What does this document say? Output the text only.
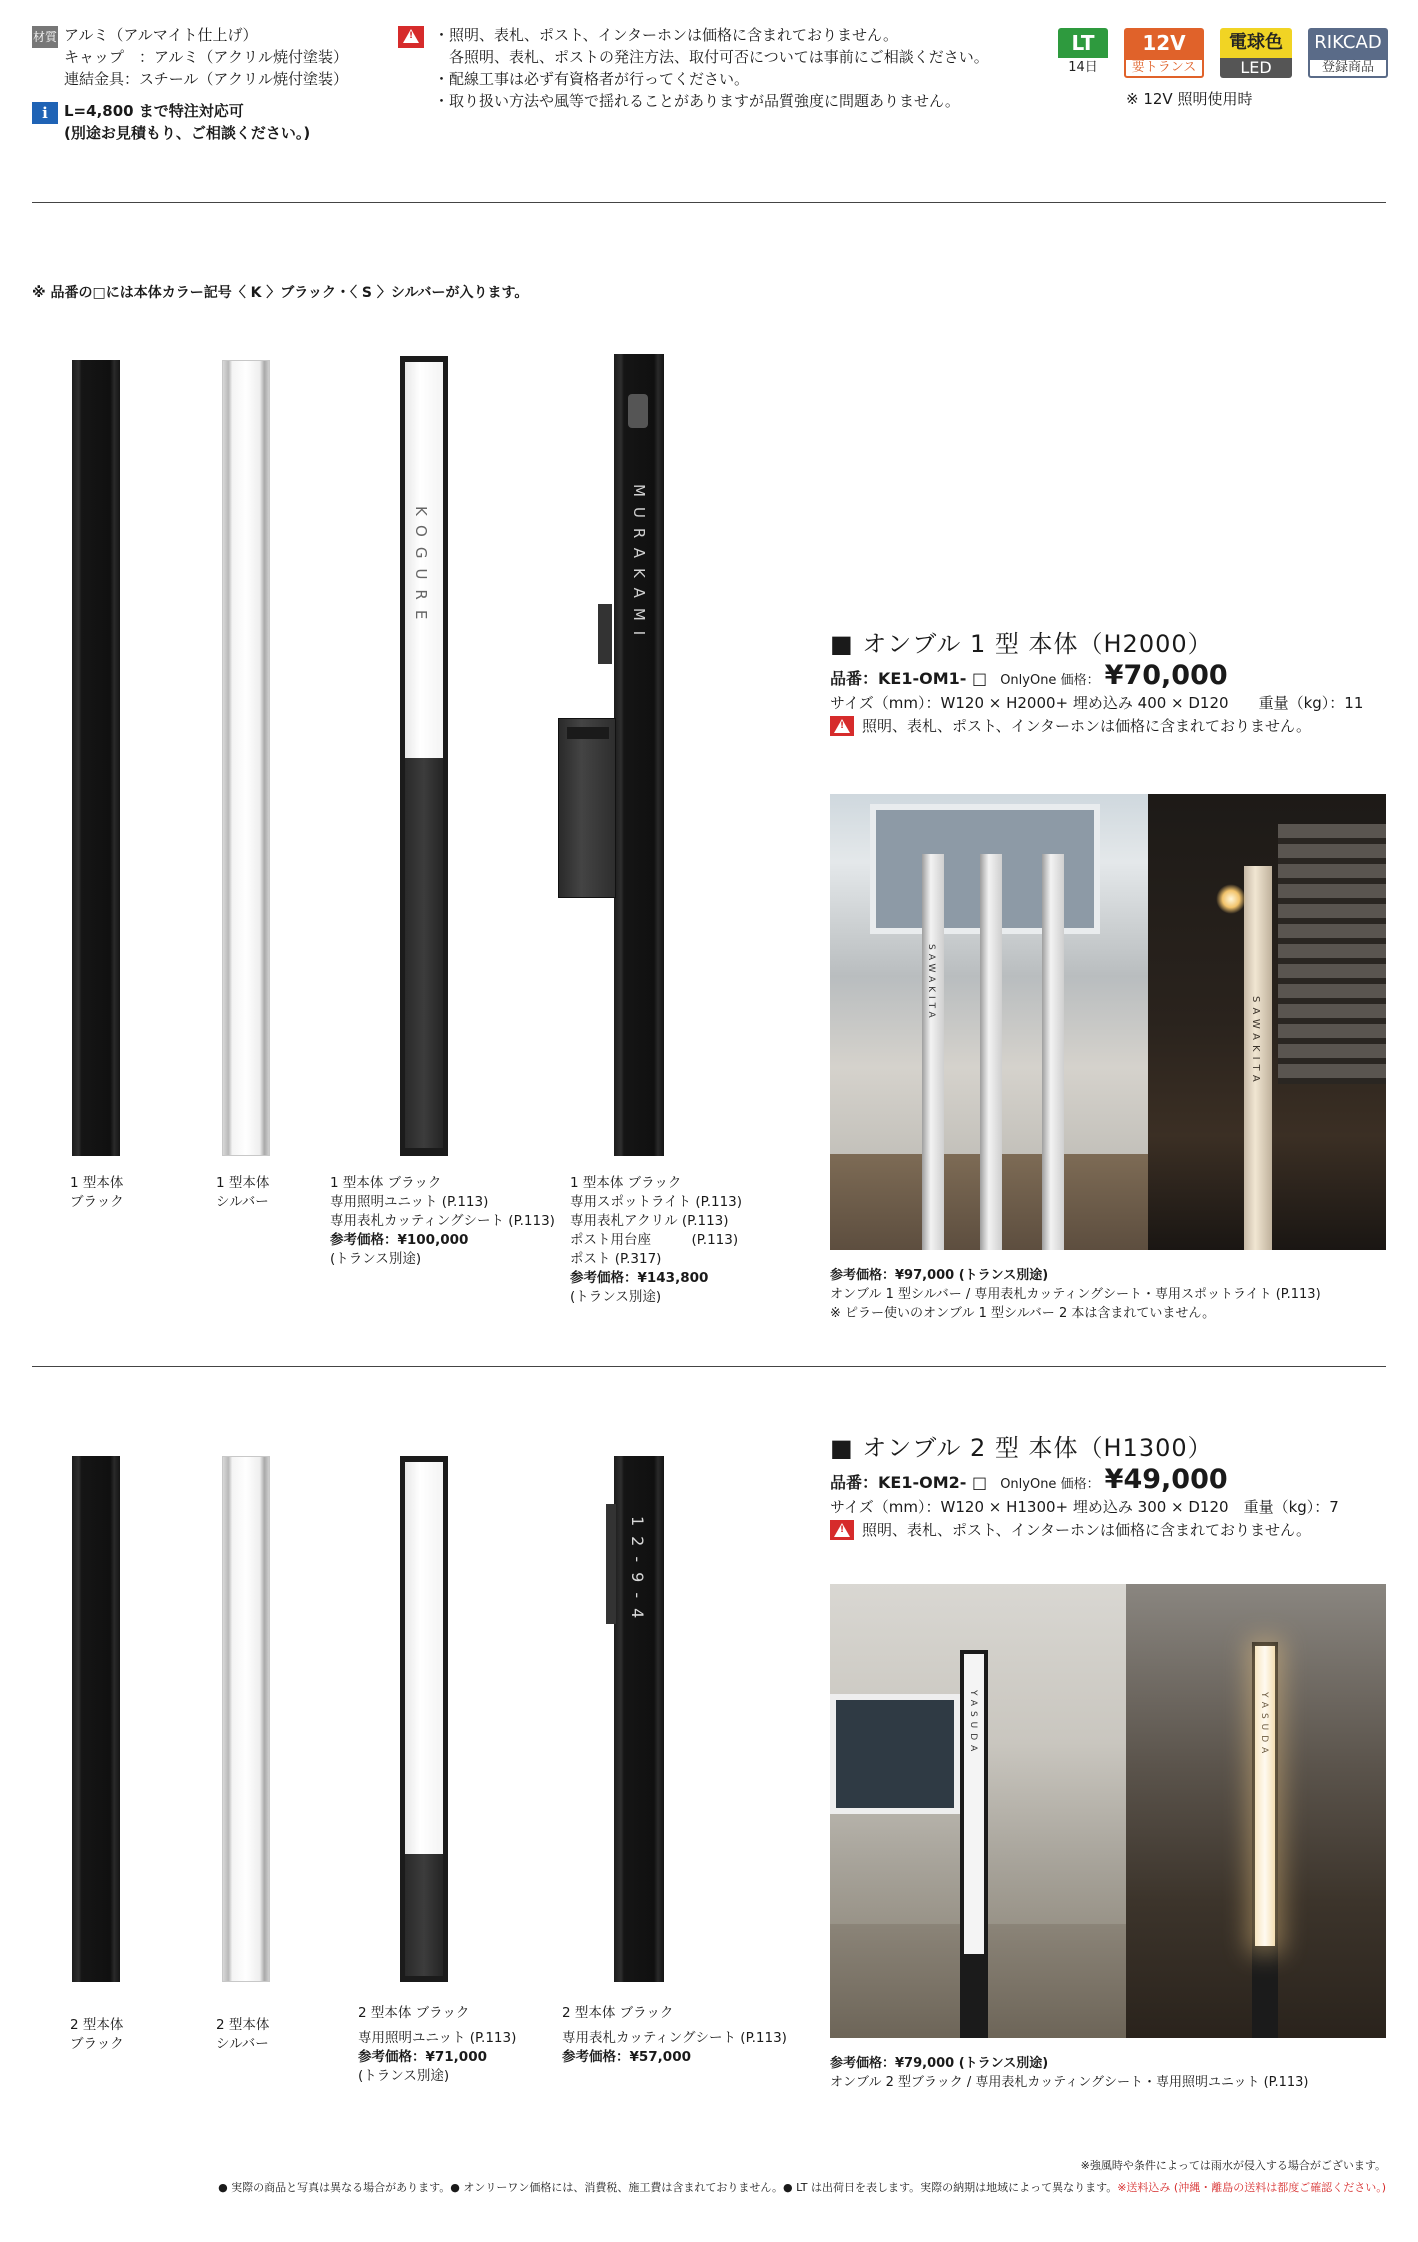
材質 アルミ（アルマイト仕上げ）
キャップ　：アルミ（アクリル焼付塗装）
連結金具：スチール（アクリル焼付塗装）
i	L=4,800 まで特注対応可
(別途お見積もり、ご相談ください。)
!
・照明、表札、ポスト、インターホンは価格に含まれておりません。
　各照明、表札、ポストの発注方法、取付可否については事前にご相談ください。
・配線工事は必ず有資格者が行ってください。
・取り扱い方法や風等で揺れることがありますが品質強度に問題ありません。
LT
14日
12V
要トランス
電球色
LED
RIKCAD
登録商品
※ 12V 照明使用時
※ 品番の□には本体カラー記号〈 K 〉ブラック・〈 S 〉シルバーが入ります。
KOGURE	MURAKAMI
1 型本体
ブラック
1 型本体
シルバー
1 型本体 ブラック
専用照明ユニット (P.113)
専用表札カッティングシート (P.113)
参考価格：¥100,000
(トランス別途)
1 型本体 ブラック
専用スポットライト (P.113)
専用表札アクリル (P.113)
ポスト用台座　　　(P.113)
ポスト (P.317)
参考価格：¥143,800
(トランス別途)
■ オンブル 1 型 本体（H2000）
品番：KE1-OM1- □ OnlyOne 価格： ¥70,000
サイズ（mm）：W120 × H2000+ 埋め込み 400 × D120　　重量（kg）：11
!
照明、表札、ポスト、インターホンは価格に含まれておりません。
SAWAKITA
SAWAKITA
参考価格：¥97,000 (トランス別途)
オンブル 1 型シルバー / 専用表札カッティングシート・専用スポットライト (P.113)
※ ピラー使いのオンブル 1 型シルバー 2 本は含まれていません。
12-9-4
2 型本体
ブラック
2 型本体
シルバー
2 型本体 ブラック
専用照明ユニット (P.113)
参考価格：¥71,000
(トランス別途)
2 型本体 ブラック
専用表札カッティングシート (P.113)
参考価格：¥57,000
■ オンブル 2 型 本体（H1300）
品番：KE1-OM2- □ OnlyOne 価格： ¥49,000
サイズ（mm）：W120 × H1300+ 埋め込み 300 × D120　重量（kg）：7
!
照明、表札、ポスト、インターホンは価格に含まれておりません。
YASUDA	YASUDA
参考価格：¥79,000 (トランス別途)
オンブル 2 型ブラック / 専用表札カッティングシート・専用照明ユニット (P.113)
※強風時や条件によっては雨水が侵入する場合がございます。
● 実際の商品と写真は異なる場合があります。● オンリーワン価格には、消費税、施工費は含まれておりません。● LT は出荷日を表します。実際の納期は地域によって異なります。※送料込み (沖縄・離島の送料は都度ご確認ください。)
